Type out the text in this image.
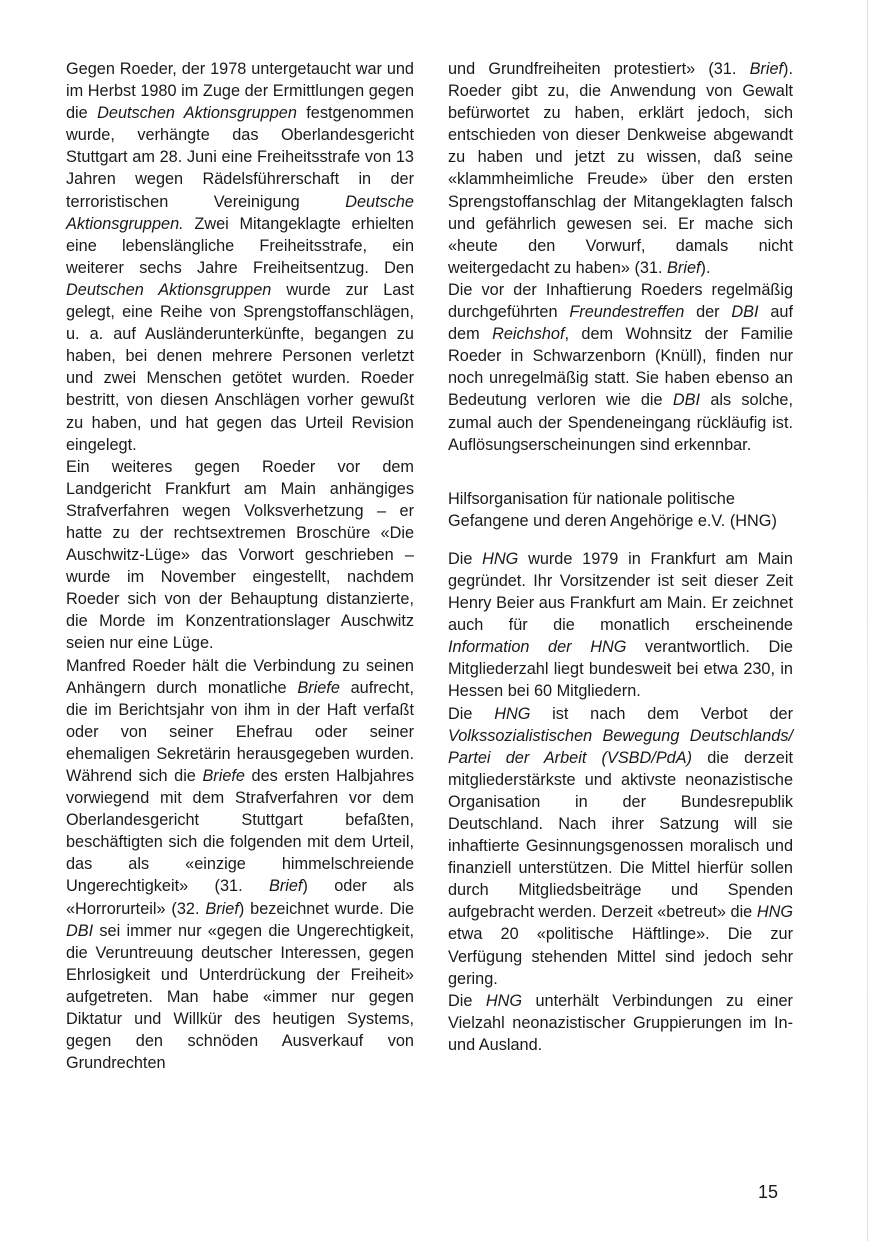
Gegen Roeder, der 1978 untergetaucht war und im Herbst 1980 im Zuge der Ermittlungen gegen die Deutschen Aktionsgruppen festgenommen wurde, verhängte das Oberlandesgericht Stuttgart am 28. Juni eine Freiheitsstrafe von 13 Jahren wegen Rädelsführerschaft in der terroristischen Vereinigung Deutsche Aktionsgruppen. Zwei Mitangeklagte erhielten eine lebenslängliche Freiheitsstrafe, ein weiterer sechs Jahre Freiheitsentzug. Den Deutschen Aktionsgruppen wurde zur Last gelegt, eine Reihe von Sprengstoffanschlägen, u. a. auf Ausländerunterkünfte, begangen zu haben, bei denen mehrere Personen verletzt und zwei Menschen getötet wurden. Roeder bestritt, von diesen Anschlägen vorher gewußt zu haben, und hat gegen das Urteil Revision eingelegt.

Ein weiteres gegen Roeder vor dem Landgericht Frankfurt am Main anhängiges Strafverfahren wegen Volksverhetzung – er hatte zu der rechtsextremen Broschüre «Die Auschwitz-Lüge» das Vorwort geschrieben – wurde im November eingestellt, nachdem Roeder sich von der Behauptung distanzierte, die Morde im Konzentrationslager Auschwitz seien nur eine Lüge.

Manfred Roeder hält die Verbindung zu seinen Anhängern durch monatliche Briefe aufrecht, die im Berichtsjahr von ihm in der Haft verfaßt oder von seiner Ehefrau oder seiner ehemaligen Sekretärin herausgegeben wurden. Während sich die Briefe des ersten Halbjahres vorwiegend mit dem Strafverfahren vor dem Oberlandesgericht Stuttgart befaßten, beschäftigten sich die folgenden mit dem Urteil, das als «einzige himmelschreiende Ungerechtigkeit» (31. Brief) oder als «Horrorurteil» (32. Brief) bezeichnet wurde. Die DBI sei immer nur «gegen die Ungerechtigkeit, die Veruntreuung deutscher Interessen, gegen Ehrlosigkeit und Unterdrückung der Freiheit» aufgetreten. Man habe «immer nur gegen Diktatur und Willkür des heutigen Systems, gegen den schnöden Ausverkauf von Grundrechten

und Grundfreiheiten protestiert» (31. Brief). Roeder gibt zu, die Anwendung von Gewalt befürwortet zu haben, erklärt jedoch, sich entschieden von dieser Denkweise abgewandt zu haben und jetzt zu wissen, daß seine «klammheimliche Freude» über den ersten Sprengstoffanschlag der Mitangeklagten falsch und gefährlich gewesen sei. Er mache sich «heute den Vorwurf, damals nicht weitergedacht zu haben» (31. Brief).

Die vor der Inhaftierung Roeders regelmäßig durchgeführten Freundestreffen der DBI auf dem Reichshof, dem Wohnsitz der Familie Roeder in Schwarzenborn (Knüll), finden nur noch unregelmäßig statt. Sie haben ebenso an Bedeutung verloren wie die DBI als solche, zumal auch der Spendeneingang rückläufig ist. Auflösungserscheinungen sind erkennbar.

Hilfsorganisation für nationale politische Gefangene und deren Angehörige e.V. (HNG)

Die HNG wurde 1979 in Frankfurt am Main gegründet. Ihr Vorsitzender ist seit dieser Zeit Henry Beier aus Frankfurt am Main. Er zeichnet auch für die monatlich erscheinende Information der HNG verantwortlich. Die Mitgliederzahl liegt bundesweit bei etwa 230, in Hessen bei 60 Mitgliedern.

Die HNG ist nach dem Verbot der Volkssozialistischen Bewegung Deutschlands/ Partei der Arbeit (VSBD/PdA) die derzeit mitgliederstärkste und aktivste neonazistische Organisation in der Bundesrepublik Deutschland. Nach ihrer Satzung will sie inhaftierte Gesinnungsgenossen moralisch und finanziell unterstützen. Die Mittel hierfür sollen durch Mitgliedsbeiträge und Spenden aufgebracht werden. Derzeit «betreut» die HNG etwa 20 «politische Häftlinge». Die zur Verfügung stehenden Mittel sind jedoch sehr gering.

Die HNG unterhält Verbindungen zu einer Vielzahl neonazistischer Gruppierungen im In- und Ausland.

15
